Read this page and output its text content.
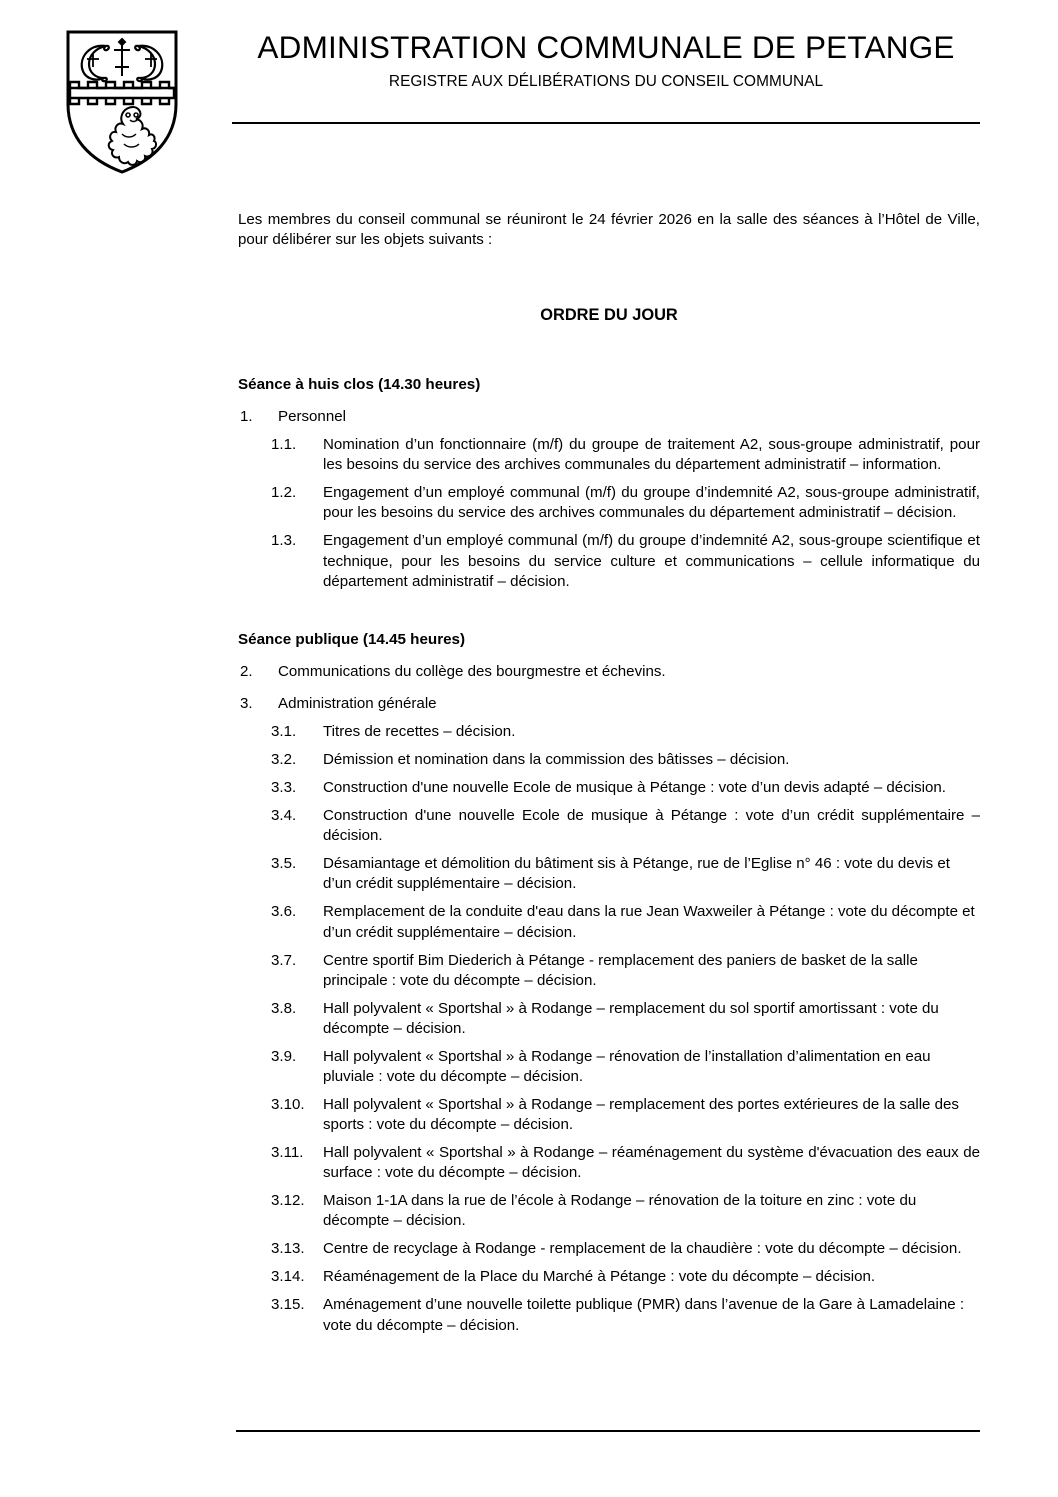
ADMINISTRATION COMMUNALE DE PETANGE
REGISTRE AUX DÉLIBÉRATIONS DU CONSEIL COMMUNAL

Les membres du conseil communal se réuniront le 24 février 2026 en la salle des séances à l’Hôtel de Ville, pour délibérer sur les objets suivants :

ORDRE DU JOUR
Séance à huis clos (14.30 heures)
1.	Personnel
1.1.	Nomination d’un fonctionnaire (m/f) du groupe de traitement A2, sous-groupe administratif, pour les besoins du service des archives communales du département administratif – information.
1.2.	Engagement d’un employé communal (m/f) du groupe d’indemnité A2, sous-groupe administratif, pour les besoins du service des archives communales du département administratif – décision.
1.3.	Engagement d’un employé communal (m/f) du groupe d’indemnité A2, sous-groupe scientifique et technique, pour les besoins du service culture et communications – cellule informatique du département administratif – décision.
Séance publique (14.45 heures)
2.	Communications du collège des bourgmestre et échevins.
3.	Administration générale
3.1.	Titres de recettes – décision.
3.2.	Démission et nomination dans la commission des bâtisses – décision.
3.3.	Construction d'une nouvelle Ecole de musique à Pétange : vote d’un devis adapté – décision.
3.4.	Construction d'une nouvelle Ecole de musique à Pétange : vote d’un crédit supplémentaire – décision.
3.5.	Désamiantage et démolition du bâtiment sis à Pétange, rue de l’Eglise n° 46 : vote du devis et d’un crédit supplémentaire – décision.
3.6.	Remplacement de la conduite d'eau dans la rue Jean Waxweiler à Pétange : vote du décompte et d’un crédit supplémentaire – décision.
3.7.	Centre sportif Bim Diederich à Pétange - remplacement des paniers de basket de la salle principale : vote du décompte – décision.
3.8.	Hall polyvalent « Sportshal » à Rodange – remplacement du sol sportif amortissant : vote du décompte – décision.
3.9.	Hall polyvalent « Sportshal » à Rodange – rénovation de l’installation d’alimentation en eau pluviale : vote du décompte – décision.
3.10.	Hall polyvalent « Sportshal » à Rodange – remplacement des portes extérieures de la salle des sports : vote du décompte – décision.
3.11.	Hall polyvalent « Sportshal » à Rodange – réaménagement du système d'évacuation des eaux de surface : vote du décompte – décision.
3.12.	Maison 1-1A dans la rue de l’école à Rodange – rénovation de la toiture en zinc : vote du décompte – décision.
3.13.	Centre de recyclage à Rodange - remplacement de la chaudière : vote du décompte – décision.
3.14.	Réaménagement de la Place du Marché à Pétange : vote du décompte – décision.
3.15.	Aménagement d’une nouvelle toilette publique (PMR) dans l’avenue de la Gare à Lamadelaine : vote du décompte – décision.
